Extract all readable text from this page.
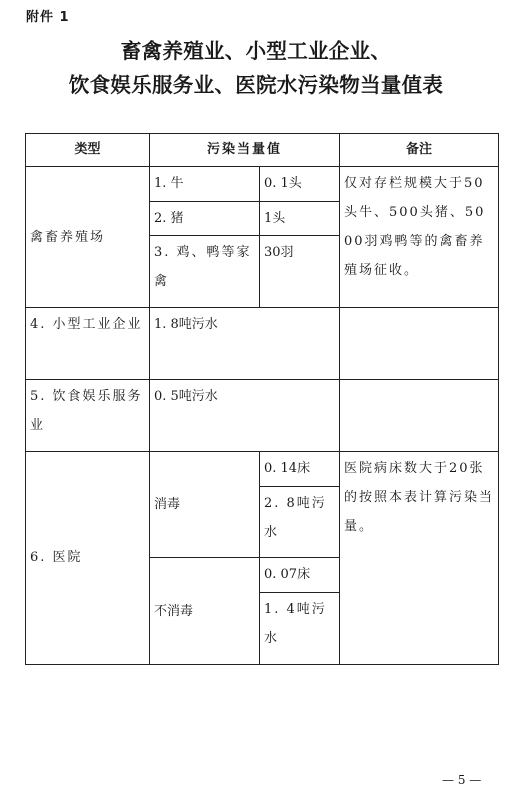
附件 1
畜禽养殖业、小型工业企业、
饮食娱乐服务业、医院水污染物当量值表
类型	污染当量值		备注
禽畜养殖场	1. 牛	0. 1头	仅对存栏规模大于50头牛、500头猪、5000羽鸡鸭等的禽畜养殖场征收。
	2. 猪	1头	
	3. 鸡、鸭等家禽	30羽	
4. 小型工业企业	1. 8吨污水		
5. 饮食娱乐服务业	0. 5吨污水		
6. 医院	消毒	0. 14床	医院病床数大于20张的按照本表计算污染当量。
		2. 8吨污水	
	不消毒	0. 07床	
		1. 4吨污水	
— 5 —
